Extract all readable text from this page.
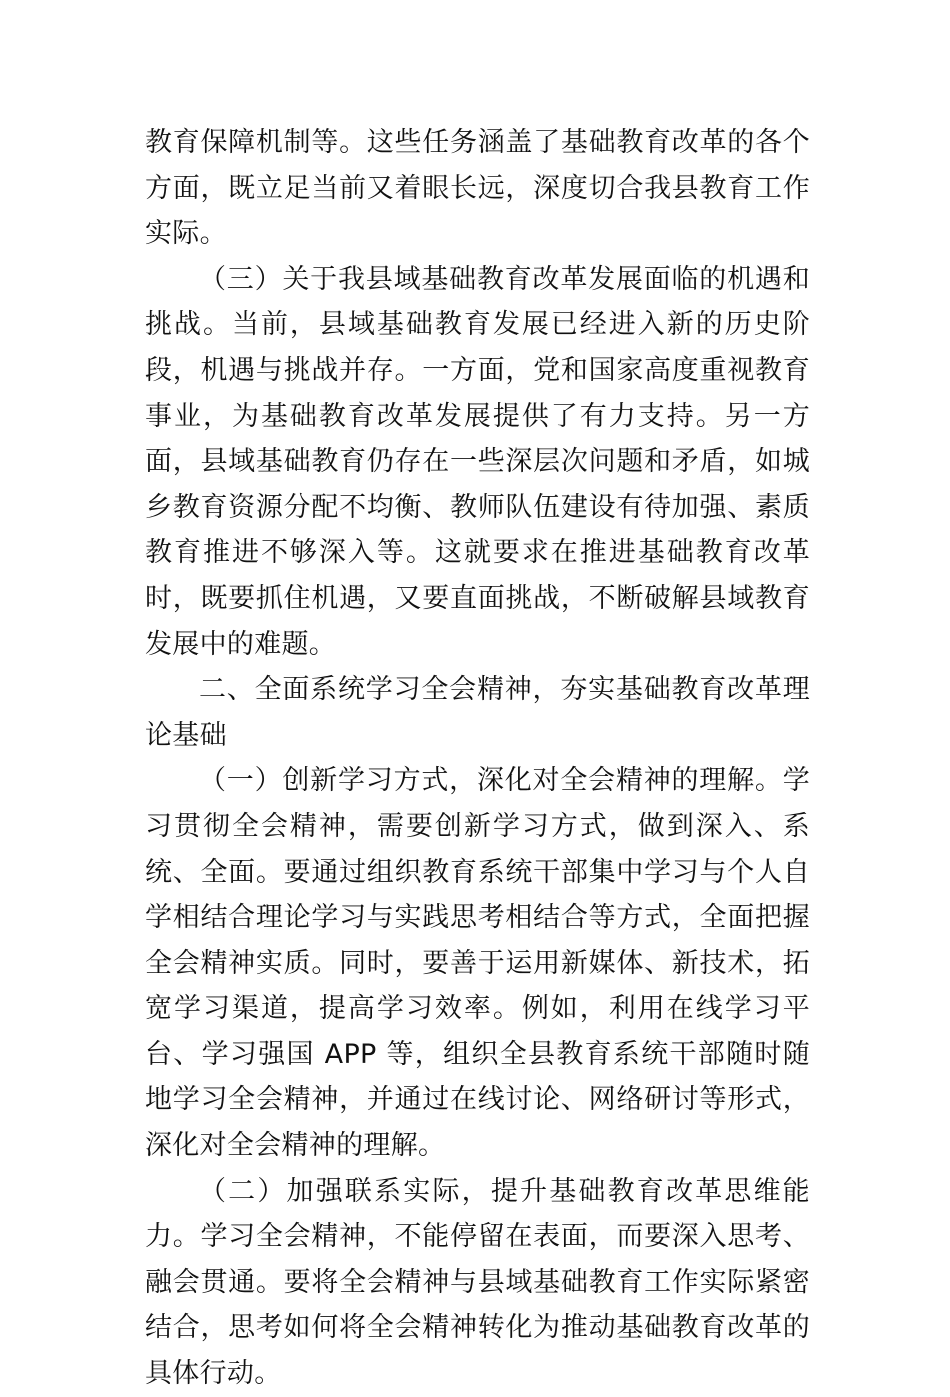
教育保障机制等。这些任务涵盖了基础教育改革的各个方面，既立足当前又着眼长远，深度切合我县教育工作实际。

（三）关于我县域基础教育改革发展面临的机遇和挑战。当前，县域基础教育发展已经进入新的历史阶段，机遇与挑战并存。一方面，党和国家高度重视教育事业，为基础教育改革发展提供了有力支持。另一方面，县域基础教育仍存在一些深层次问题和矛盾，如城乡教育资源分配不均衡、教师队伍建设有待加强、素质教育推进不够深入等。这就要求在推进基础教育改革时，既要抓住机遇，又要直面挑战，不断破解县域教育发展中的难题。

二、全面系统学习全会精神，夯实基础教育改革理论基础

（一）创新学习方式，深化对全会精神的理解。学习贯彻全会精神，需要创新学习方式，做到深入、系统、全面。要通过组织教育系统干部集中学习与个人自学相结合理论学习与实践思考相结合等方式，全面把握全会精神实质。同时，要善于运用新媒体、新技术，拓宽学习渠道，提高学习效率。例如，利用在线学习平台、学习强国 APP 等，组织全县教育系统干部随时随地学习全会精神，并通过在线讨论、网络研讨等形式，深化对全会精神的理解。

（二）加强联系实际，提升基础教育改革思维能力。学习全会精神，不能停留在表面，而要深入思考、融会贯通。要将全会精神与县域基础教育工作实际紧密结合，思考如何将全会精神转化为推动基础教育改革的具体行动。
